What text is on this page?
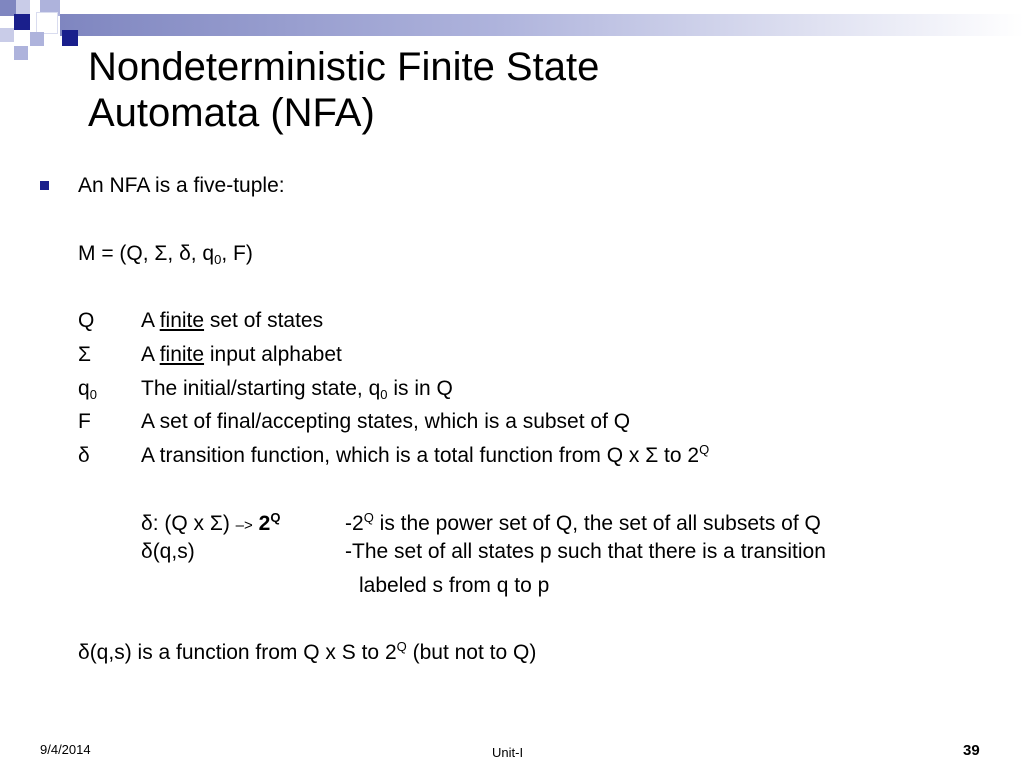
Nondeterministic Finite State
Automata (NFA)
An NFA is a five-tuple:
M = (Q, Σ, δ, $q_0$, F)
Q A finite set of states
Σ A finite input alphabet
$q_0$ The initial/starting state, $q_0$ is in Q
F A set of final/accepting states, which is a subset of Q
δ A transition function, which is a total function from Q x Σ to $2^Q$
δ: (Q x $\Sigma) -> 2^Q$	$-2^Q$ is the power set of Q, the set of all subsets of Q
δ(q,s)	-The set of all states p such that there is a transition
labeled s from q to p
δ(q,s) is a function from Q x S to $2^Q$ (but not to Q)
9/4/2014	Unit-I	39
